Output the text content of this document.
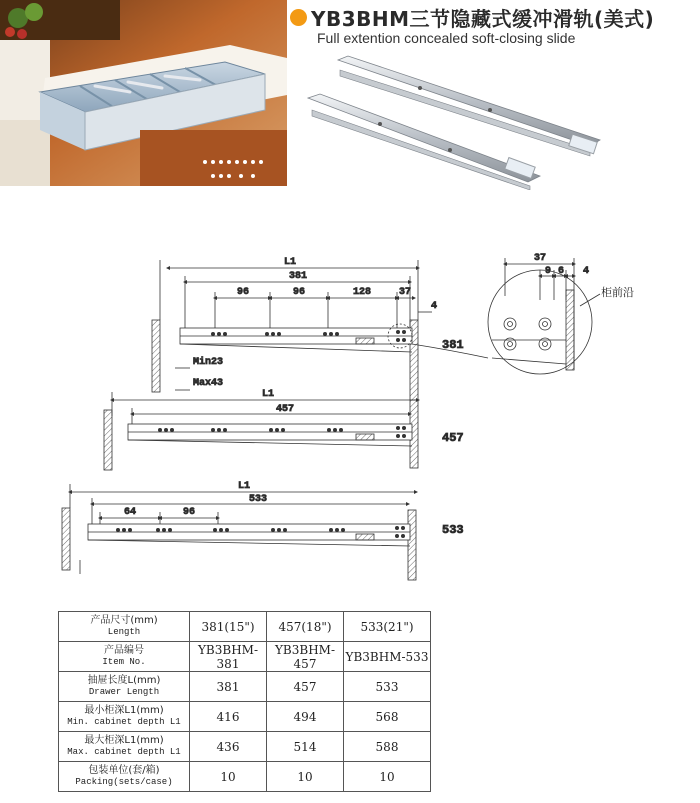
YB3BHM三节隐藏式缓冲滑轨(美式)
Full extention concealed soft-closing slide
L1
381
96	96	128	37
4
Min23
Max43
L1
457
L1
533
64	96
381
457
533
37
9 6 4
柜前沿
产品尺寸(mm)
Length	381(15")	457(18")	533(21")

产品编号
Item No.	YB3BHM-381	YB3BHM-457	YB3BHM-533

抽屉长度L(mm)
Drawer Length	381	457	533

最小柜深L1(mm)
Min. cabinet depth L1	416	494	568

最大柜深L1(mm)
Max. cabinet depth L1	436	514	588

包装单位(套/箱)
Packing(sets/case)	10	10	10
